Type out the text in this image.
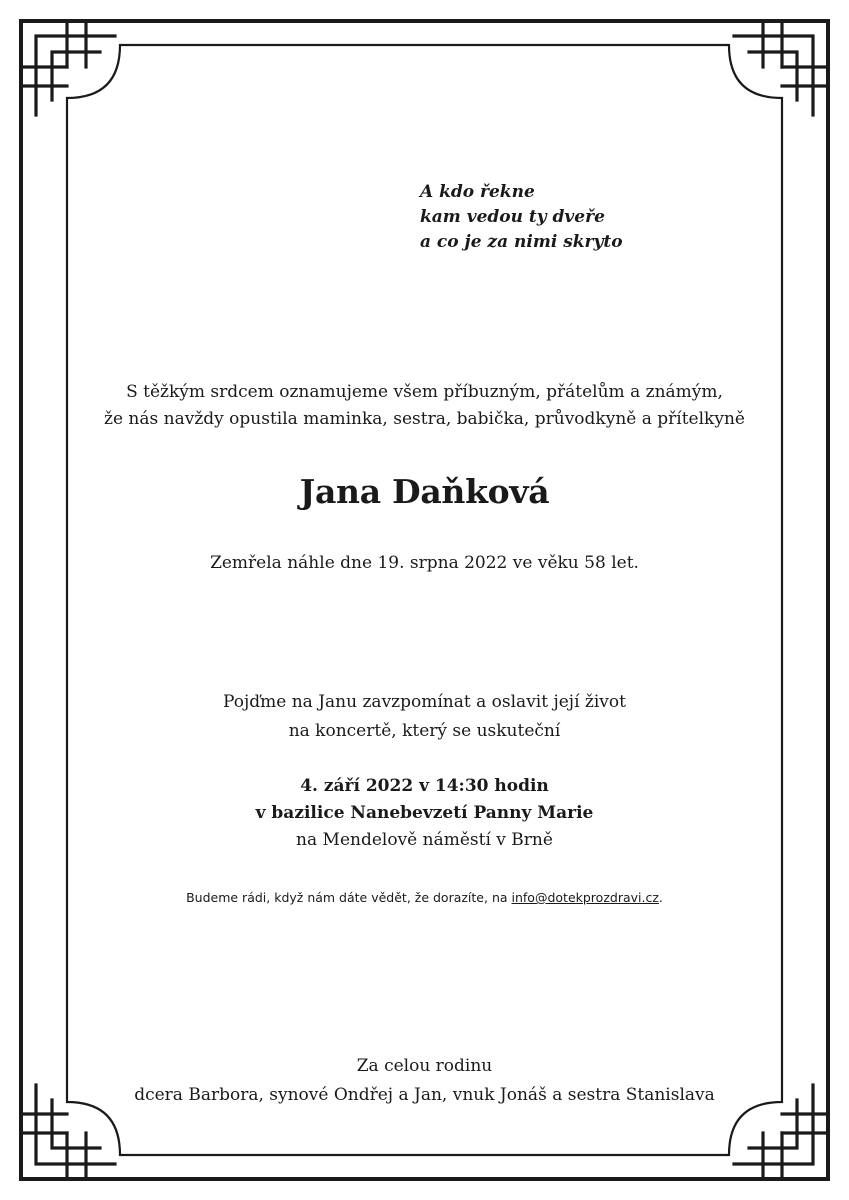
A kdo řekne
kam vedou ty dveře
a co je za nimi skryto
S těžkým srdcem oznamujeme všem příbuzným, přátelům a známým,
že nás navždy opustila maminka, sestra, babička, průvodkyně a přítelkyně
Jana Daňková
Zemřela náhle dne 19. srpna 2022 ve věku 58 let.
Pojďme na Janu zavzpomínat a oslavit její život
na koncertě, který se uskuteční
4. září 2022 v 14:30 hodin
v bazilice Nanebevzetí Panny Marie
na Mendelově náměstí v Brně
Budeme rádi, když nám dáte vědět, že dorazíte, na info@dotekprozdravi.cz.
Za celou rodinu
dcera Barbora, synové Ondřej a Jan, vnuk Jonáš a sestra Stanislava
